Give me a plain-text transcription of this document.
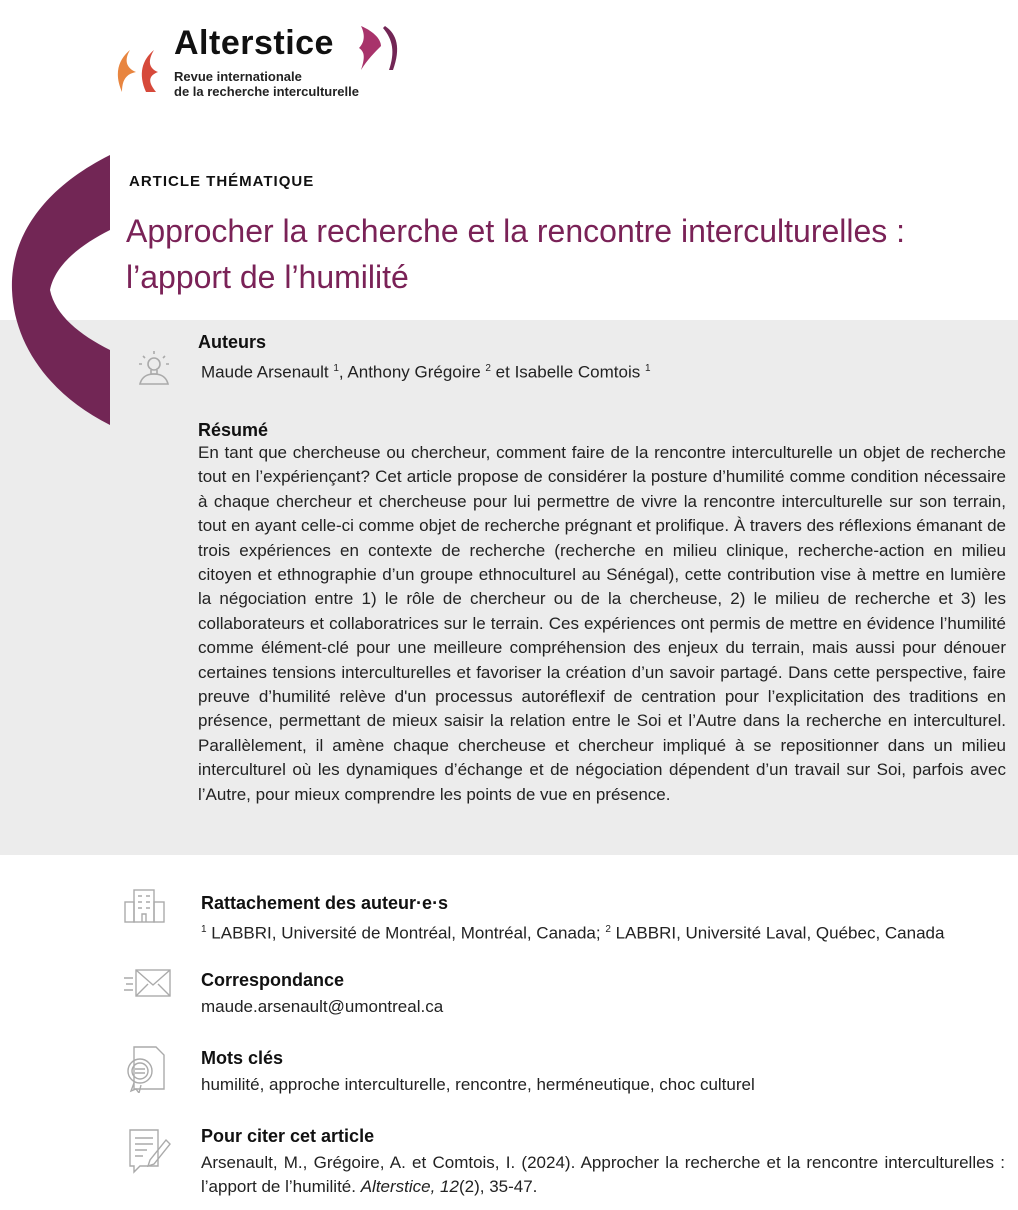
Alterstice
Revue internationale
de la recherche interculturelle
ARTICLE THÉMATIQUE
Approcher la recherche et la rencontre interculturelles : l’apport de l’humilité
Auteurs
Maude Arsenault $^1$, Anthony Grégoire $^2$ et Isabelle Comtois $^1$
Résumé
En tant que chercheuse ou chercheur, comment faire de la rencontre interculturelle un objet de recherche tout en l’expériençant? Cet article propose de considérer la posture d’humilité comme condition nécessaire à chaque chercheur et chercheuse pour lui permettre de vivre la rencontre interculturelle sur son terrain, tout en ayant celle-ci comme objet de recherche prégnant et prolifique. À travers des réflexions émanant de trois expériences en contexte de recherche (recherche en milieu clinique, recherche-action en milieu citoyen et ethnographie d’un groupe ethnoculturel au Sénégal), cette contribution vise à mettre en lumière la négociation entre 1) le rôle de chercheur ou de la chercheuse, 2) le milieu de recherche et 3) les collaborateurs et collaboratrices sur le terrain. Ces expériences ont permis de mettre en évidence l’humilité comme élément-clé pour une meilleure compréhension des enjeux du terrain, mais aussi pour dénouer certaines tensions interculturelles et favoriser la création d’un savoir partagé. Dans cette perspective, faire preuve d’humilité relève d'un processus autoréflexif de centration pour l’explicitation des traditions en présence, permettant de mieux saisir la relation entre le Soi et l’Autre dans la recherche en interculturel. Parallèlement, il amène chaque chercheuse et chercheur impliqué à se repositionner dans un milieu interculturel où les dynamiques d’échange et de négociation dépendent d’un travail sur Soi, parfois avec l’Autre, pour mieux comprendre les points de vue en présence.
Rattachement des auteur·e·s
$^1$ LABBRI, Université de Montréal, Montréal, Canada; $^2$ LABBRI, Université Laval, Québec, Canada
Correspondance
maude.arsenault@umontreal.ca
Mots clés
humilité, approche interculturelle, rencontre, herméneutique, choc culturel
Pour citer cet article
Arsenault, M., Grégoire, A. et Comtois, I. (2024). Approcher la recherche et la rencontre interculturelles : l’apport de l’humilité. Alterstice, 12(2), 35-47.
